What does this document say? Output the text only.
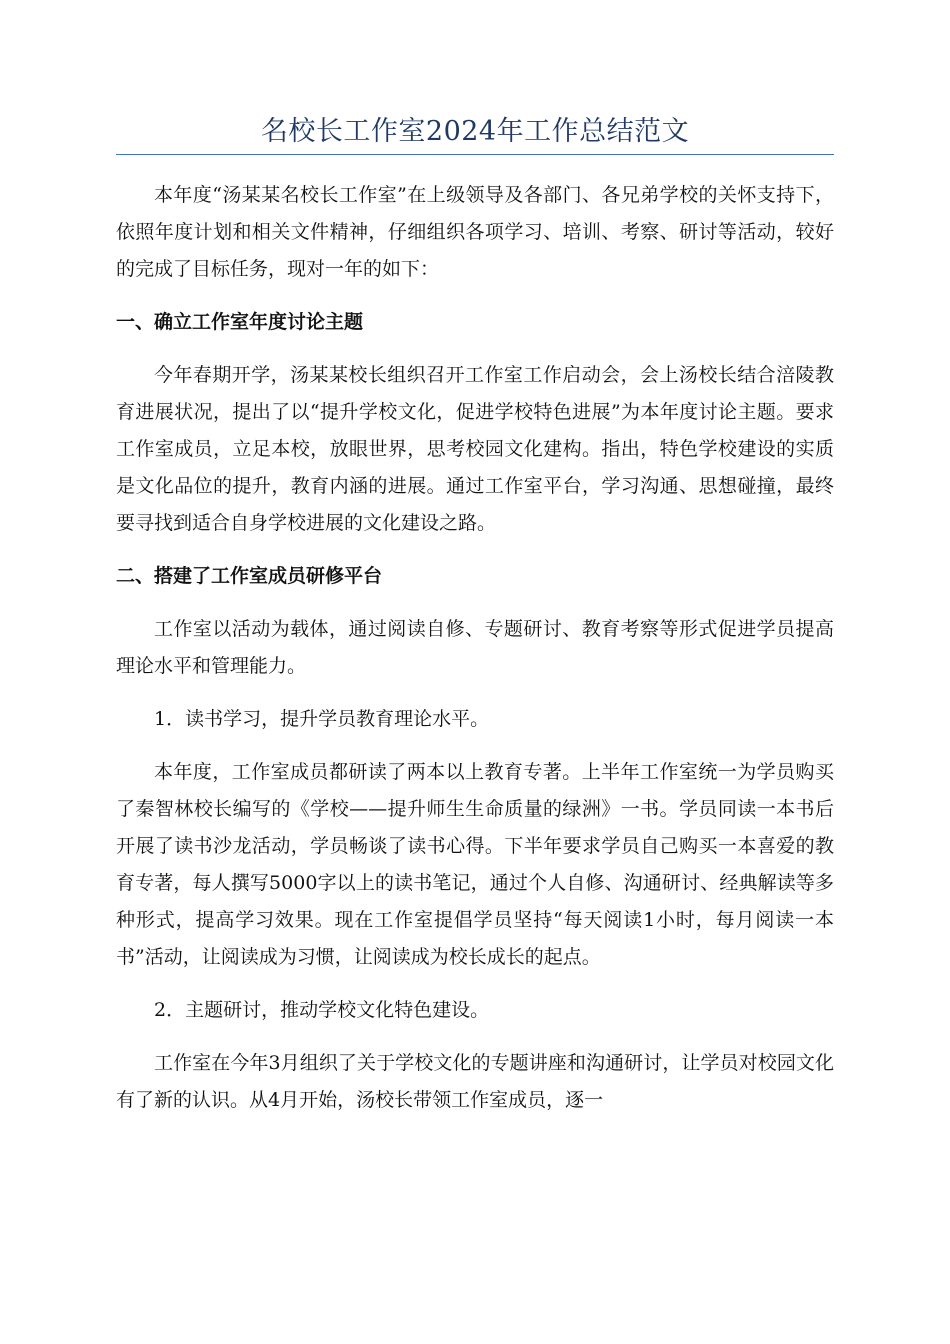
名校长工作室2024年工作总结范文

本年度“汤某某名校长工作室”在上级领导及各部门、各兄弟学校的关怀支持下，依照年度计划和相关文件精神，仔细组织各项学习、培训、考察、研讨等活动，较好的完成了目标任务，现对一年的如下：

一、确立工作室年度讨论主题

今年春期开学，汤某某校长组织召开工作室工作启动会，会上汤校长结合涪陵教育进展状况，提出了以“提升学校文化，促进学校特色进展”为本年度讨论主题。要求工作室成员，立足本校，放眼世界，思考校园文化建构。指出，特色学校建设的实质是文化品位的提升，教育内涵的进展。通过工作室平台，学习沟通、思想碰撞，最终要寻找到适合自身学校进展的文化建设之路。

二、搭建了工作室成员研修平台

工作室以活动为载体，通过阅读自修、专题研讨、教育考察等形式促进学员提高理论水平和管理能力。

1．读书学习，提升学员教育理论水平。

本年度，工作室成员都研读了两本以上教育专著。上半年工作室统一为学员购买了秦智林校长编写的《学校——提升师生生命质量的绿洲》一书。学员同读一本书后开展了读书沙龙活动，学员畅谈了读书心得。下半年要求学员自己购买一本喜爱的教育专著，每人撰写5000字以上的读书笔记，通过个人自修、沟通研讨、经典解读等多种形式，提高学习效果。现在工作室提倡学员坚持“每天阅读1小时，每月阅读一本书”活动，让阅读成为习惯，让阅读成为校长成长的起点。

2．主题研讨，推动学校文化特色建设。

工作室在今年3月组织了关于学校文化的专题讲座和沟通研讨，让学员对校园文化有了新的认识。从4月开始，汤校长带领工作室成员，逐一
